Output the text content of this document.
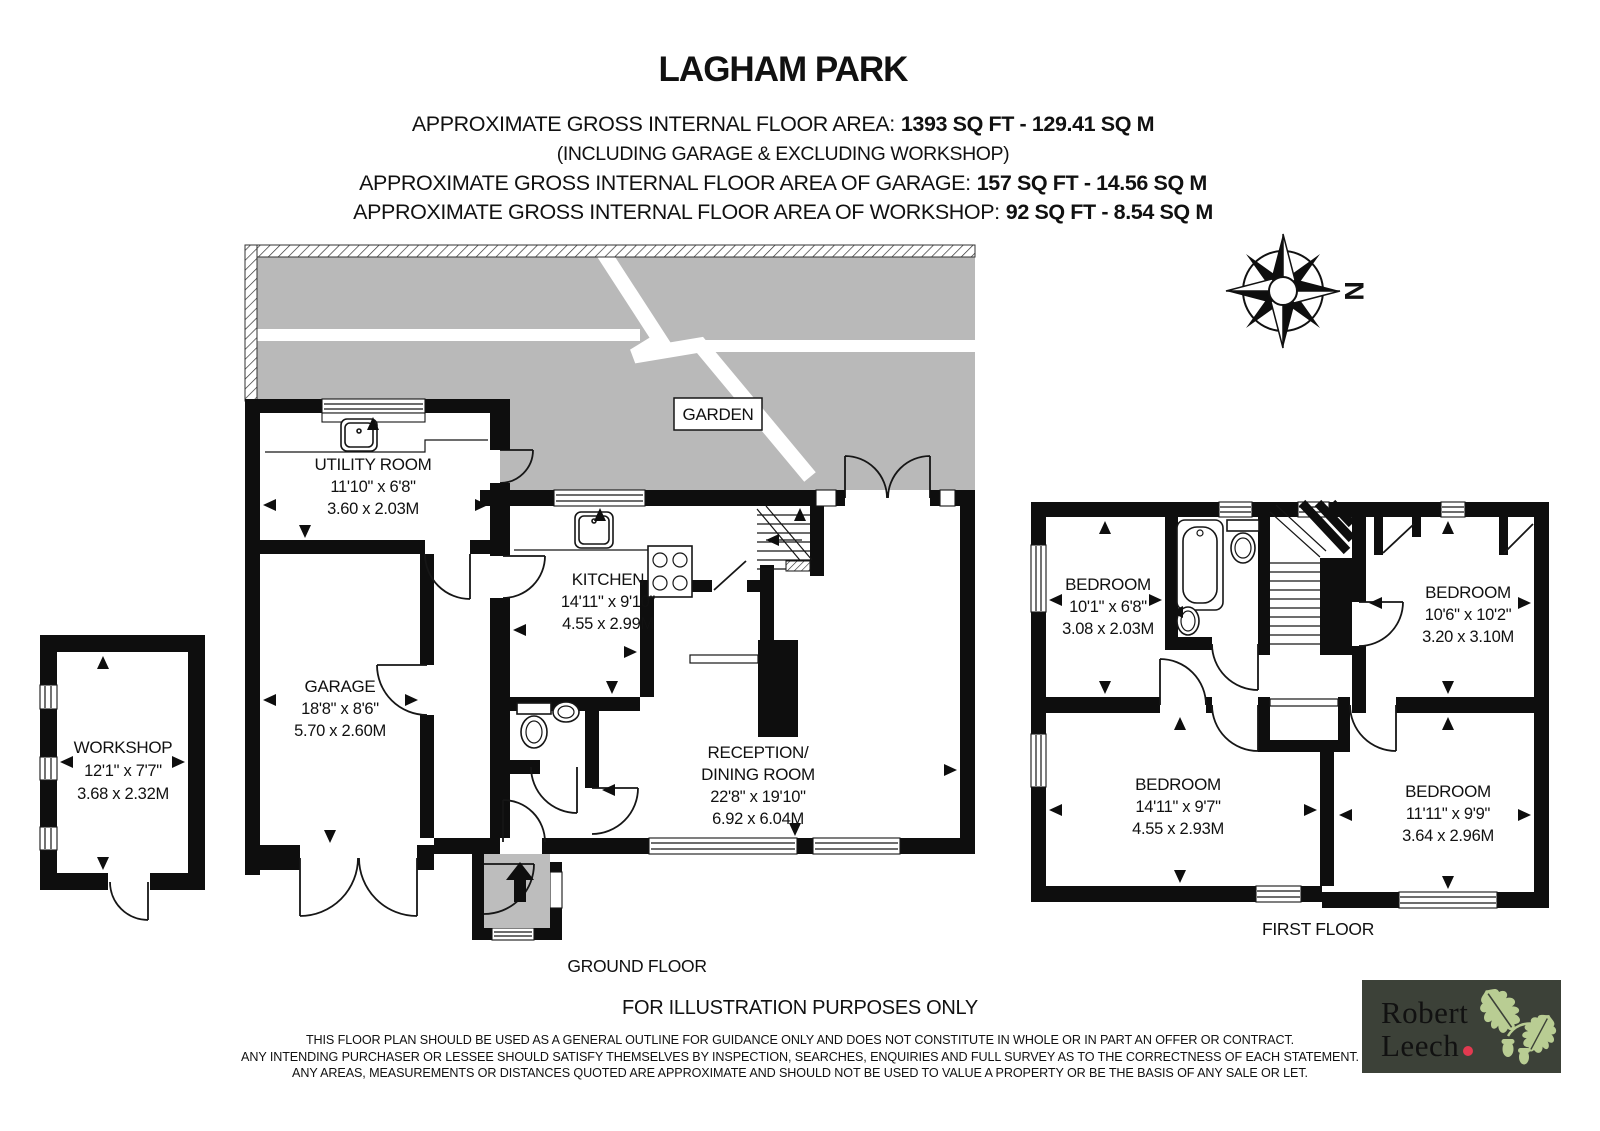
LAGHAM PARK
APPROXIMATE GROSS INTERNAL FLOOR AREA: 1393 SQ FT - 129.41 SQ M
(INCLUDING GARAGE & EXCLUDING WORKSHOP)
APPROXIMATE GROSS INTERNAL FLOOR AREA OF GARAGE: 157 SQ FT - 14.56 SQ M
APPROXIMATE GROSS INTERNAL FLOOR AREA OF WORKSHOP: 92 SQ FT - 8.54 SQ M
GARDEN
UTILITY ROOM
11'10" x 6'8"
3.60 x 2.03M
GARAGE
18'8" x 8'6"
5.70 x 2.60M
KITCHEN
14'11" x 9'10"
4.55 x 2.99M
RECEPTION/
DINING ROOM
22'8" x 19'10"
6.92 x 6.04M
WORKSHOP
12'1" x 7'7"
3.68 x 2.32M
BEDROOM
10'1" x 6'8"
3.08 x 2.03M
BEDROOM
10'6" x 10'2"
3.20 x 3.10M
BEDROOM
14'11" x 9'7"
4.55 x 2.93M
BEDROOM
11'11" x 9'9"
3.64 x 2.96M
N
Robert
Leech
GROUND FLOOR
FIRST FLOOR
FOR ILLUSTRATION PURPOSES ONLY
THIS FLOOR PLAN SHOULD BE USED AS A GENERAL OUTLINE FOR GUIDANCE ONLY AND DOES NOT CONSTITUTE IN WHOLE OR IN PART AN OFFER OR CONTRACT.
ANY INTENDING PURCHASER OR LESSEE SHOULD SATISFY THEMSELVES BY INSPECTION, SEARCHES, ENQUIRIES AND FULL SURVEY AS TO THE CORRECTNESS OF EACH STATEMENT.
ANY AREAS, MEASUREMENTS OR DISTANCES QUOTED ARE APPROXIMATE AND SHOULD NOT BE USED TO VALUE A PROPERTY OR BE THE BASIS OF ANY SALE OR LET.
